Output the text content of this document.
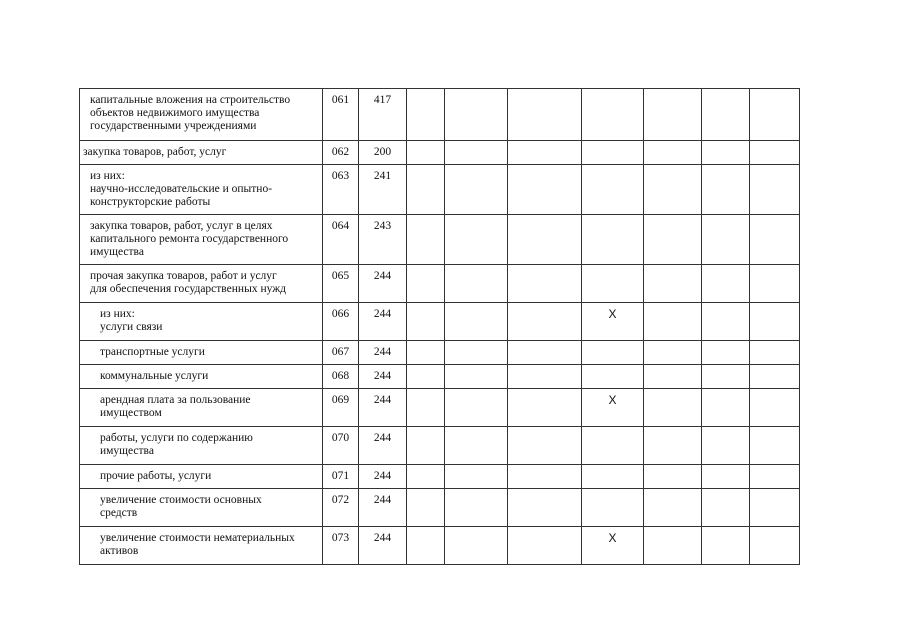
капитальные вложения на строительство
объектов недвижимого имущества
государственными учреждениями	061	417							

закупка товаров, работ, услуг	062	200							

из них:
научно-исследовательские и опытно-
конструкторские работы	063	241							

закупка товаров, работ, услуг в целях
капитального ремонта государственного
имущества	064	243							

прочая закупка товаров, работ и услуг
для обеспечения государственных нужд	065	244							

из них:
услуги связи	066	244				X			

транспортные услуги	067	244							

коммунальные услуги	068	244							

арендная плата за пользование
имуществом	069	244				X			

работы, услуги по содержанию
имущества	070	244							

прочие работы, услуги	071	244							

увеличение стоимости основных
средств	072	244							

увеличение стоимости нематериальных
активов	073	244				X			
